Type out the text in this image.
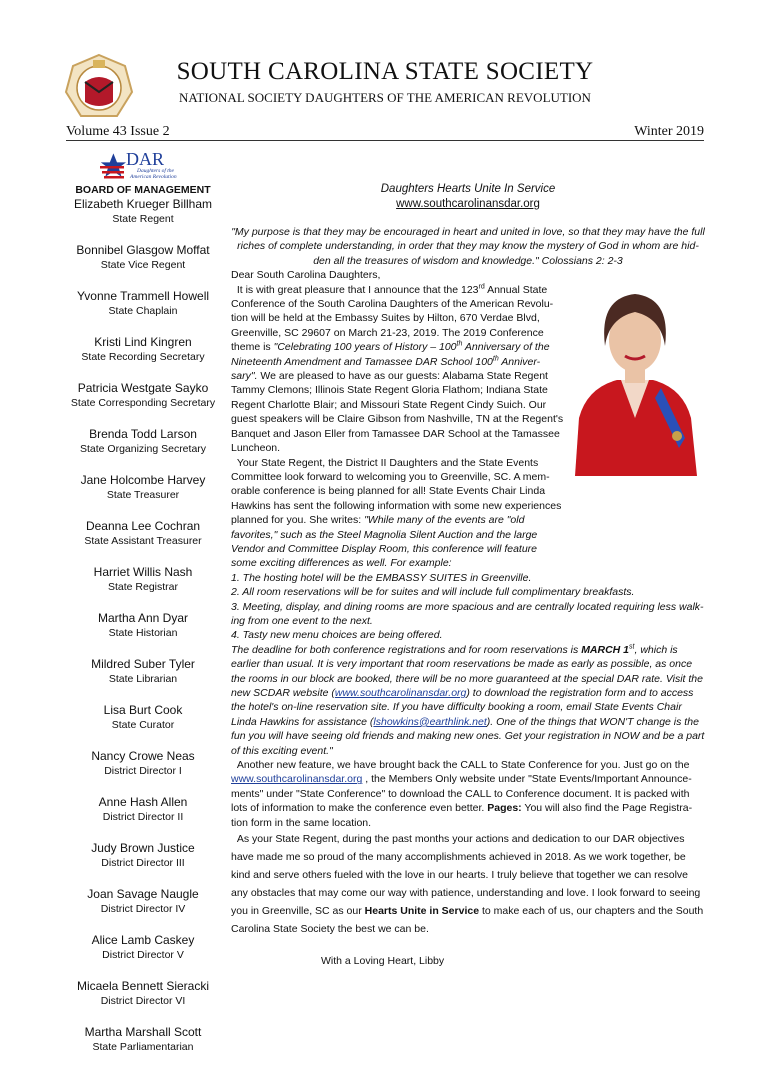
SOUTH CAROLINA STATE SOCIETY
NATIONAL SOCIETY DAUGHTERS OF THE AMERICAN REVOLUTION
Volume 43 Issue 2	Winter 2019
DAR
Daughters of the
American Revolution
BOARD OF MANAGEMENT
Elizabeth Krueger Billham
State Regent
Bonnibel Glasgow Moffat
State Vice Regent
Yvonne Trammell Howell
State Chaplain
Kristi Lind Kingren
State Recording Secretary
Patricia Westgate Sayko
State Corresponding Secretary
Brenda Todd Larson
State Organizing Secretary
Jane Holcombe Harvey
State Treasurer
Deanna Lee Cochran
State Assistant Treasurer
Harriet Willis Nash
State Registrar
Martha Ann Dyar
State Historian
Mildred Suber Tyler
State Librarian
Lisa Burt Cook
State Curator
Nancy Crowe Neas
District Director I
Anne Hash Allen
District Director II
Judy Brown Justice
District Director III
Joan Savage Naugle
District Director IV
Alice Lamb Caskey
District Director V
Micaela Bennett Sieracki
District Director VI
Martha Marshall Scott
State Parliamentarian
Daughters Hearts Unite In Service
www.southcarolinansdar.org

"My purpose is that they may be encouraged in heart and united in love, so that they may have the full riches of complete understanding, in order that they may know the mystery of God in whom are hid-den all the treasures of wisdom and knowledge." Colossians 2: 2-3

Dear South Carolina Daughters,

It is with great pleasure that I announce that the 123rd Annual State Conference of the South Carolina Daughters of the American Revolu-tion will be held at the Embassy Suites by Hilton, 670 Verdae Blvd, Greenville, SC 29607 on March 21-23, 2019. The 2019 Conference theme is "Celebrating 100 years of History – 100th Anniversary of the Nineteenth Amendment and Tamassee DAR School 100th Anniver-sary". We are pleased to have as our guests: Alabama State Regent Tammy Clemons; Illinois State Regent Gloria Flathom; Indiana State Regent Charlotte Blair; and Missouri State Regent Cindy Suich. Our guest speakers will be Claire Gibson from Nashville, TN at the Regent's Banquet and Jason Eller from Tamassee DAR School at the Tamassee Luncheon.

Your State Regent, the District II Daughters and the State Events Committee look forward to welcoming you to Greenville, SC. A mem-orable conference is being planned for all! State Events Chair Linda Hawkins has sent the following information with some new experiences planned for you. She writes: "While many of the events are "old favorites," such as the Steel Magnolia Silent Auction and the large Vendor and Committee Display Room, this conference will feature some exciting differences as well. For example:

1. The hosting hotel will be the EMBASSY SUITES in Greenville.

2. All room reservations will be for suites and will include full complimentary breakfasts.

3. Meeting, display, and dining rooms are more spacious and are centrally located requiring less walk-ing from one event to the next.

4. Tasty new menu choices are being offered.

The deadline for both conference registrations and for room reservations is MARCH 1st, which is earlier than usual. It is very important that room reservations be made as early as possible, as once the rooms in our block are booked, there will be no more guaranteed at the special DAR rate. Visit the new SCDAR website (www.southcarolinansdar.org) to download the registration form and to access the hotel's on-line reservation site. If you have difficulty booking a room, email State Events Chair Linda Hawkins for assistance (lshowkins@earthlink.net). One of the things that WON'T change is the fun you will have seeing old friends and making new ones. Get your registration in NOW and be a part of this exciting event."

Another new feature, we have brought back the CALL to State Conference for you. Just go on the www.southcarolinansdar.org , the Members Only website under "State Events/Important Announce-ments" under "State Conference" to download the CALL to Conference document. It is packed with lots of information to make the conference even better. Pages: You will also find the Page Registra-tion form in the same location.

As your State Regent, during the past months your actions and dedication to our DAR objectives have made me so proud of the many accomplishments achieved in 2018. As we work together, be kind and serve others fueled with the love in our hearts. I truly believe that together we can resolve any obstacles that may come our way with patience, understanding and love. I look forward to seeing you in Greenville, SC as our Hearts Unite in Service to make each of us, our chapters and the South Carolina State Society the best we can be.

With a Loving Heart, Libby
